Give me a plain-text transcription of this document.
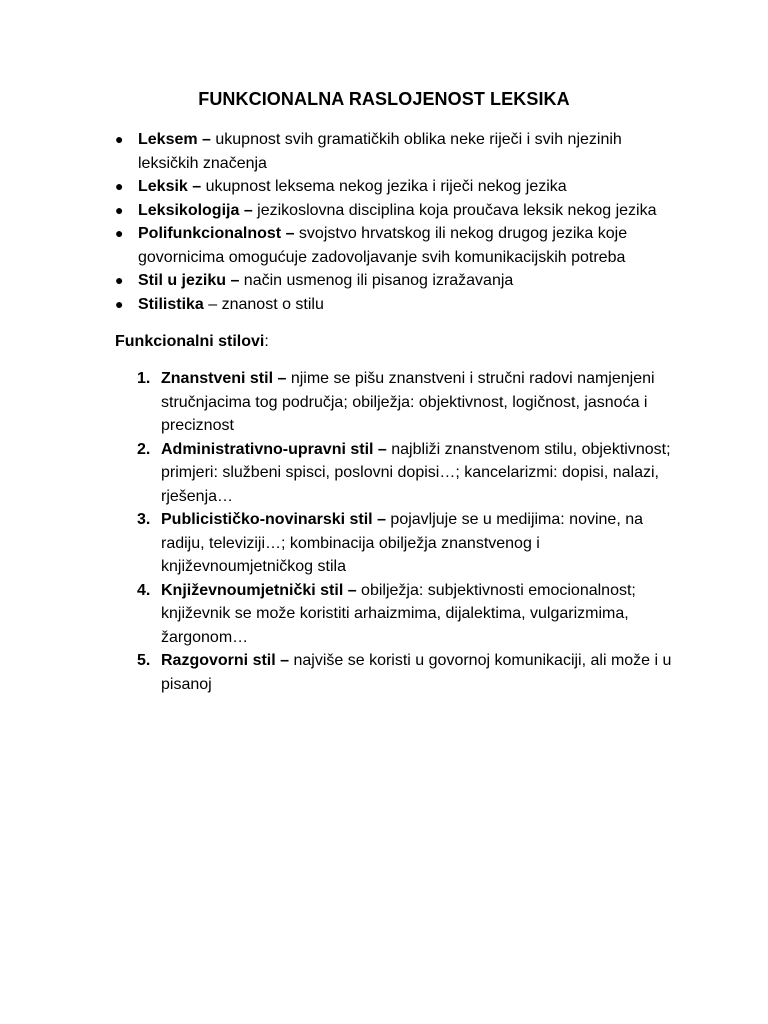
FUNKCIONALNA RASLOJENOST LEKSIKA
● Leksem – ukupnost svih gramatičkih oblika neke riječi i svih njezinih leksičkih značenja
● Leksik – ukupnost leksema nekog jezika i riječi nekog jezika
● Leksikologija – jezikoslovna disciplina koja proučava leksik nekog jezika
● Polifunkcionalnost – svojstvo hrvatskog ili nekog drugog jezika koje govornicima omogućuje zadovoljavanje svih komunikacijskih potreba
● Stil u jeziku – način usmenog ili pisanog izražavanja
● Stilistika – znanost o stilu

Funkcionalni stilovi:

1. Znanstveni stil – njime se pišu znanstveni i stručni radovi namjenjeni stručnjacima tog područja; obilježja: objektivnost, logičnost, jasnoća i preciznost
2. Administrativno-upravni stil – najbliži znanstvenom stilu, objektivnost; primjeri: službeni spisci, poslovni dopisi…; kancelarizmi: dopisi, nalazi, rješenja…
3. Publicističko-novinarski stil – pojavljuje se u medijima: novine, na radiju, televiziji…; kombinacija obilježja znanstvenog i književnoumjetničkog stila
4. Književnoumjetnički stil – obilježja: subjektivnosti emocionalnost; književnik se može koristiti arhaizmima, dijalektima, vulgarizmima, žargonom…
5. Razgovorni stil – najviše se koristi u govornoj komunikaciji, ali može i u pisanoj
